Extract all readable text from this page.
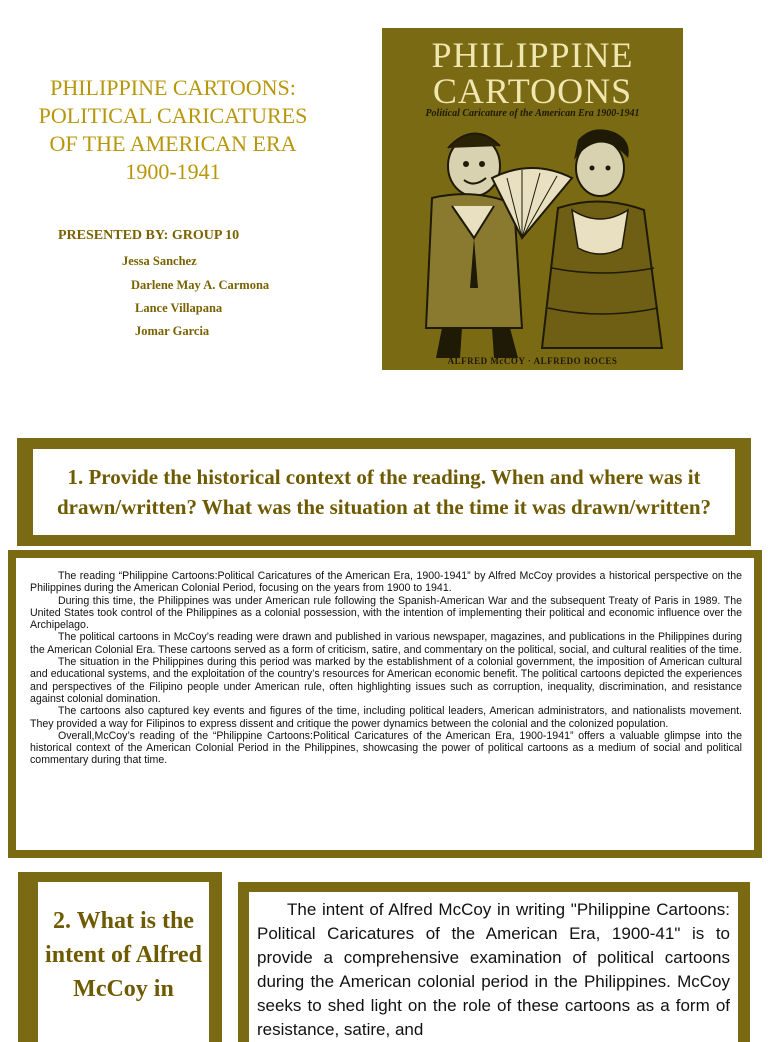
PHILIPPINE CARTOONS: POLITICAL CARICATURES OF THE AMERICAN ERA 1900-1941
PRESENTED BY: GROUP 10
Jessa Sanchez
Darlene May A. Carmona
Lance Villapana
Jomar Garcia
PHILIPPINE
CARTOONS
Political Caricature of the American Era 1900-1941
ALFRED McCOY · ALFREDO ROCES
1. Provide the historical context of the reading. When and where was it drawn/written? What was the situation at the time it was drawn/written?

The reading “Philippine Cartoons:Political Caricatures of the American Era, 1900-1941” by Alfred McCoy provides a historical perspective on the Philippines during the American Colonial Period, focusing on the years from 1900 to 1941.

During this time, the Philippines was under American rule following the Spanish-American War and the subsequent Treaty of Paris in 1989. The United States took control of the Philippines as a colonial possession, with the intention of implementing their political and economic influence over the Archipelago.

The political cartoons in McCoy’s reading were drawn and published in various newspaper, magazines, and publications in the Philippines during the American Colonial Era. These cartoons served as a form of criticism, satire, and commentary on the political, social, and cultural realities of the time.

The situation in the Philippines during this period was marked by the establishment of a colonial government, the imposition of American cultural and educational systems, and the exploitation of the country’s resources for American economic benefit. The political cartoons depicted the experiences and perspectives of the Filipino people under American rule, often highlighting issues such as corruption, inequality, discrimination, and resistance against colonial domination.

The cartoons also captured key events and figures of the time, including political leaders, American administrators, and nationalists movement. They provided a way for Filipinos to express dissent and critique the power dynamics between the colonial and the colonized population.

Overall,McCoy’s reading of the “Philippine Cartoons:Political Caricatures of the American Era, 1900-1941” offers a valuable glimpse into the historical context of the American Colonial Period in the Philippines, showcasing the power of political cartoons as a medium of social and political commentary during that time.

2. What is the intent of Alfred McCoy in

The intent of Alfred McCoy in writing "Philippine Cartoons: Political Caricatures of the American Era, 1900-41" is to provide a comprehensive examination of political cartoons during the American colonial period in the Philippines. McCoy seeks to shed light on the role of these cartoons as a form of resistance, satire, and
